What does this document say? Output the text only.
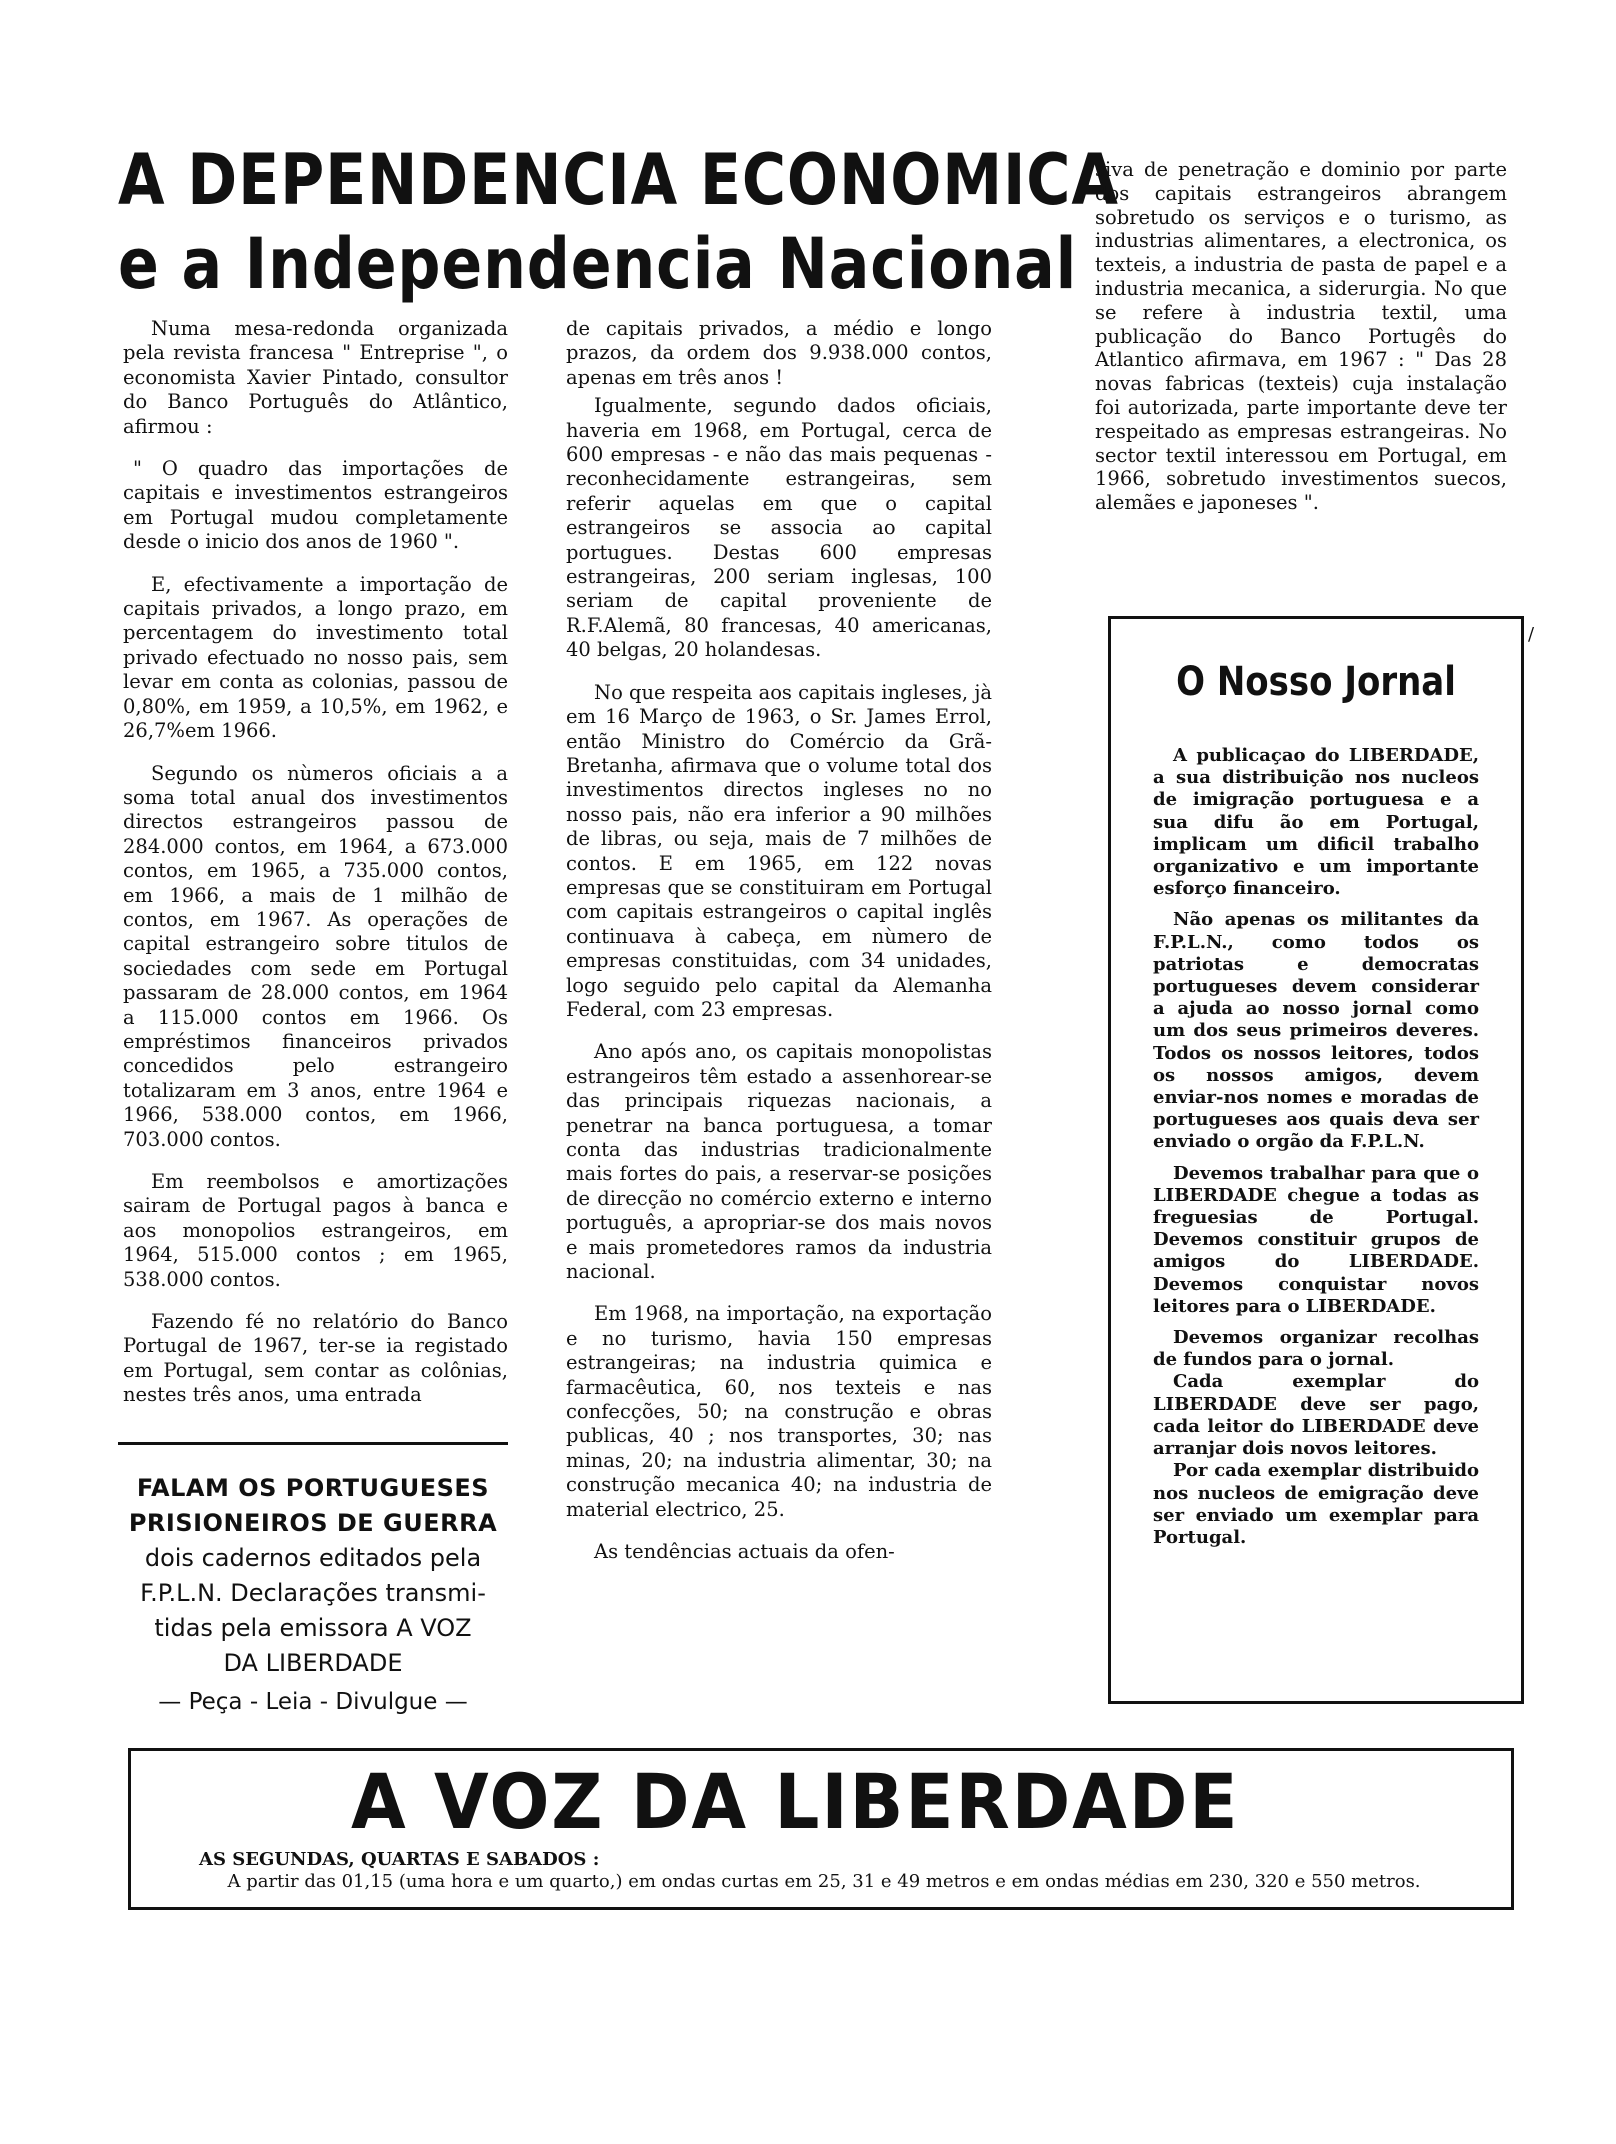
A DEPENDENCIA ECONOMICA
e a Independencia Nacional

Numa mesa-redonda organizada pela revista francesa " Entreprise ", o economista Xavier Pintado, consultor do Banco Português do Atlântico, afirmou :

" O quadro das importações de capitais e investimentos estrangeiros em Portugal mudou completamente desde o inicio dos anos de 1960 ".

E, efectivamente a importação de capitais privados, a longo prazo, em percentagem do investimento total privado efectuado no nosso pais, sem levar em conta as colonias, passou de 0,80%, em 1959, a 10,5%, em 1962, e 26,7%em 1966.

Segundo os nùmeros oficiais a a soma total anual dos investimentos directos estrangeiros passou de 284.000 contos, em 1964, a 673.000 contos, em 1965, a 735.000 contos, em 1966, a mais de 1 milhão de contos, em 1967. As operações de capital estrangeiro sobre titulos de sociedades com sede em Portugal passaram de 28.000 contos, em 1964 a 115.000 contos em 1966. Os empréstimos financeiros privados concedidos pelo estrangeiro totalizaram em 3 anos, entre 1964 e 1966, 538.000 contos, em 1966, 703.000 contos.

Em reembolsos e amortizações sairam de Portugal pagos à banca e aos monopolios estrangeiros, em 1964, 515.000 contos ; em 1965, 538.000 contos.

Fazendo fé no relatório do Banco Portugal de 1967, ter-se ia registado em Portugal, sem contar as colônias, nestes três anos, uma entrada

de capitais privados, a médio e longo prazos, da ordem dos 9.938.000 contos, apenas em três anos !

Igualmente, segundo dados oficiais, haveria em 1968, em Portugal, cerca de 600 empresas - e não das mais pequenas - reconhecidamente estrangeiras, sem referir aquelas em que o capital estrangeiros se associa ao capital portugues. Destas 600 empresas estrangeiras, 200 seriam inglesas, 100 seriam de capital proveniente de R.F.Alemã, 80 francesas, 40 americanas, 40 belgas, 20 holandesas.

No que respeita aos capitais ingleses, jà em 16 Março de 1963, o Sr. James Errol, então Ministro do Comércio da Grã-Bretanha, afirmava que o volume total dos investimentos directos ingleses no no nosso pais, não era inferior a 90 milhões de libras, ou seja, mais de 7 milhões de contos. E em 1965, em 122 novas empresas que se constituiram em Portugal com capitais estrangeiros o capital inglês continuava à cabeça, em nùmero de empresas constituidas, com 34 unidades, logo seguido pelo capital da Alemanha Federal, com 23 empresas.

Ano após ano, os capitais monopolistas estrangeiros têm estado a assenhorear-se das principais riquezas nacionais, a penetrar na banca portuguesa, a tomar conta das industrias tradicionalmente mais fortes do pais, a reservar-se posições de direcção no comércio externo e interno português, a apropriar-se dos mais novos e mais prometedores ramos da industria nacional.

Em 1968, na importação, na exportação e no turismo, havia 150 empresas estrangeiras; na industria quimica e farmacêutica, 60, nos texteis e nas confecções, 50; na construção e obras publicas, 40 ; nos transportes, 30; nas minas, 20; na industria alimentar, 30; na construção mecanica 40; na industria de material electrico, 25.

As tendências actuais da ofen-

siva de penetração e dominio por parte dos capitais estrangeiros abrangem sobretudo os serviços e o turismo, as industrias alimentares, a electronica, os texteis, a industria de pasta de papel e a industria mecanica, a siderurgia. No que se refere à industria textil, uma publicação do Banco Portugês do Atlantico afirmava, em 1967 : " Das 28 novas fabricas (texteis) cuja instalação foi autorizada, parte importante deve ter respeitado as empresas estrangeiras. No sector textil interessou em Portugal, em 1966, sobretudo investimentos suecos, alemães e japoneses ".

FALAM OS PORTUGUESES
PRISIONEIROS DE GUERRA
dois cadernos editados pela
F.P.L.N. Declarações transmi-
tidas pela emissora A VOZ
DA LIBERDADE
— Peça - Leia - Divulgue —
/
O Nosso Jornal

A publicaçao do LIBERDADE, a sua distribuição nos nucleos de imigração portuguesa e a sua difu ão em Portugal, implicam um dificil trabalho organizativo e um importante esforço financeiro.

Não apenas os militantes da F.P.L.N., como todos os patriotas e democratas portugueses devem considerar a ajuda ao nosso jornal como um dos seus primeiros deveres. Todos os nossos leitores, todos os nossos amigos, devem enviar-nos nomes e moradas de portugueses aos quais deva ser enviado o orgão da F.P.L.N.

Devemos trabalhar para que o LIBERDADE chegue a todas as freguesias de Portugal. Devemos constituir grupos de amigos do LIBERDADE. Devemos conquistar novos leitores para o LIBERDADE.

Devemos organizar recolhas de fundos para o jornal.

Cada exemplar do LIBERDADE deve ser pago, cada leitor do LIBERDADE deve arranjar dois novos leitores.

Por cada exemplar distribuido nos nucleos de emigração deve ser enviado um exemplar para Portugal.

A VOZ DA LIBERDADE
AS SEGUNDAS, QUARTAS E SABADOS :
A partir das 01,15 (uma hora e um quarto,) em ondas curtas em 25, 31 e 49 metros e em ondas médias em 230, 320 e 550 metros.
